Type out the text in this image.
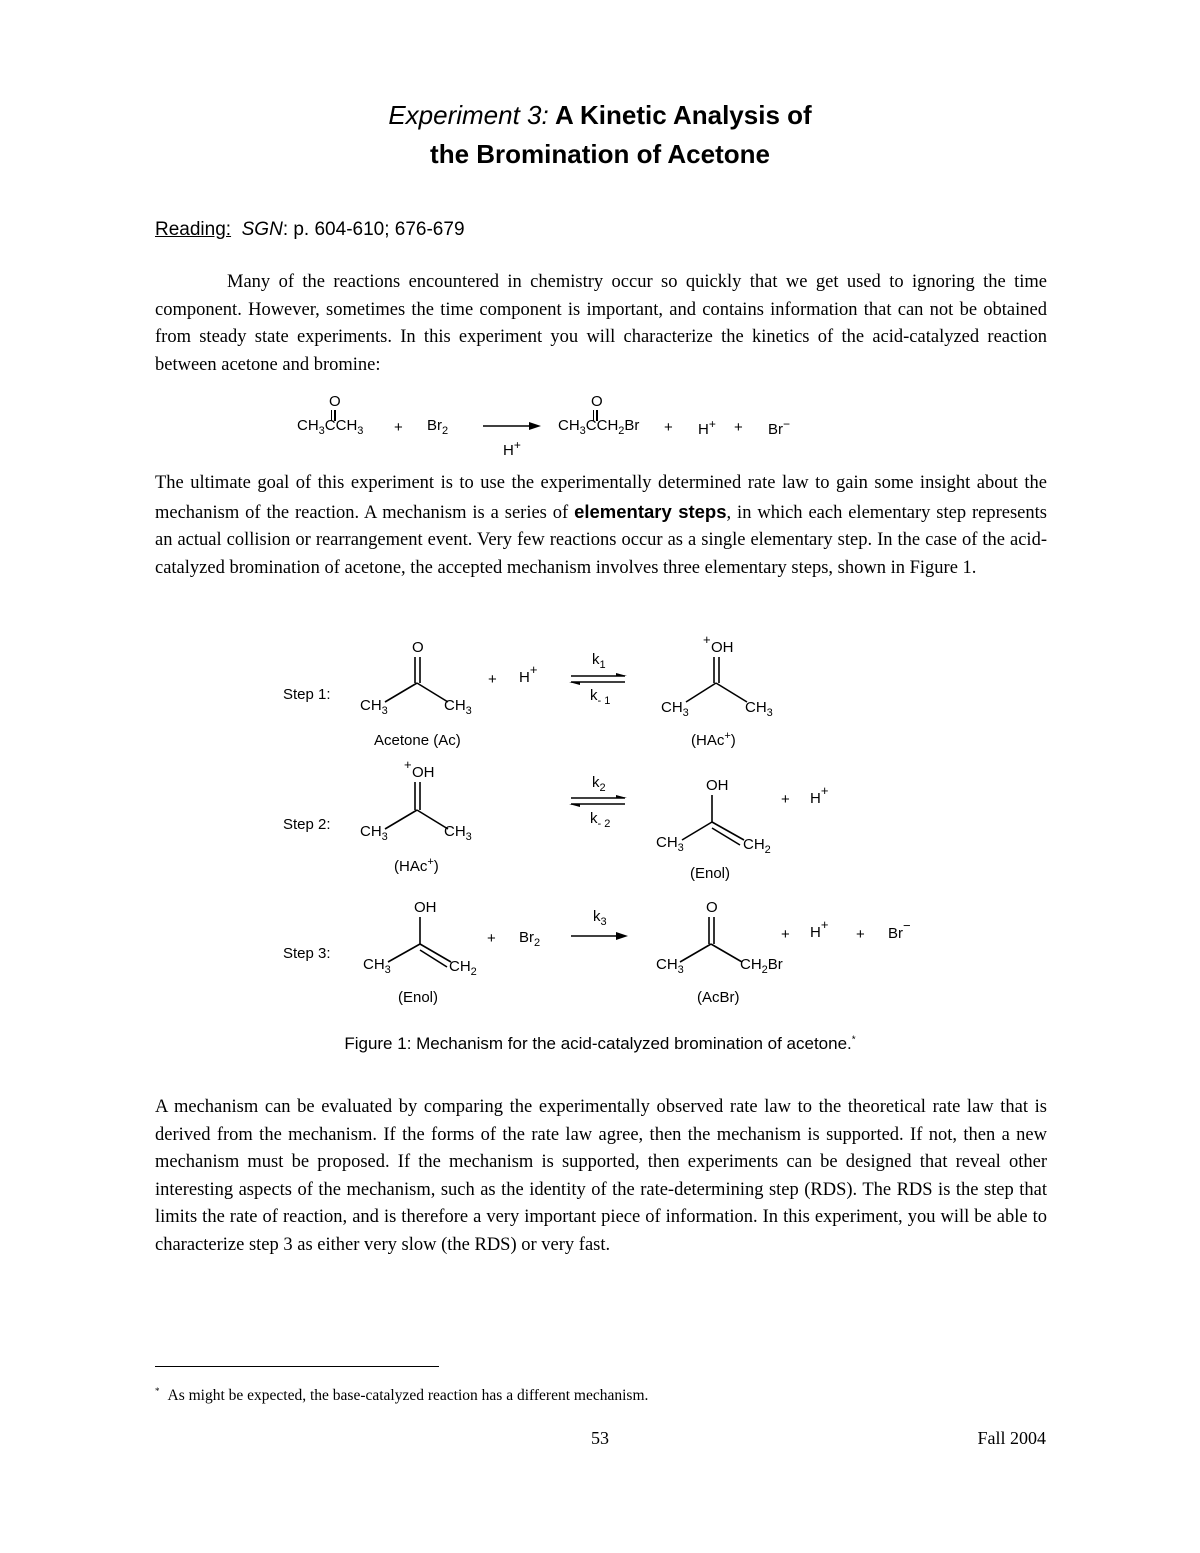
Experiment 3: A Kinetic Analysis of
the Bromination of Acetone
Reading: SGN: p. 604-610; 676-679

Many of the reactions encountered in chemistry occur so quickly that we get used to ignoring the time component. However, sometimes the time component is important, and contains information that can not be obtained from steady state experiments. In this experiment you will characterize the kinetics of the acid-catalyzed reaction between acetone and bromine:

$CH_3CCH_3$
O
+ $Br_2$
H+
$CH_3CCH_2Br$
O
+ H+ + Br−

The ultimate goal of this experiment is to use the experimentally determined rate law to gain some insight about the mechanism of the reaction. A mechanism is a series of elementary steps, in which each elementary step represents an actual collision or rearrangement event. Very few reactions occur as a single elementary step. In the case of the acid-catalyzed bromination of acetone, the accepted mechanism involves three elementary steps, shown in Figure 1.

Step 1:
O
$CH_3$	$CH_3$
Acetone (Ac)
+ H+
$k_1$
$k_{- 1}$
+ OH
$CH_3$	$CH_3$
(HAc+)
Step 2:
+ OH
$CH_3$	$CH_3$
(HAc+)
$k_2$
$k_{- 2}$
OH
$CH_3$	$CH_2$
(Enol)
+ H+
Step 3:
OH
$CH_3$	$CH_2$
(Enol)
+ $Br_2$
$k_3$
O
$CH_3$	$CH_2Br$
(AcBr)
+ H+
+ Br−
Figure 1: Mechanism for the acid-catalyzed bromination of acetone.*

A mechanism can be evaluated by comparing the experimentally observed rate law to the theoretical rate law that is derived from the mechanism. If the forms of the rate law agree, then the mechanism is supported. If not, then a new mechanism must be proposed. If the mechanism is supported, then experiments can be designed that reveal other interesting aspects of the mechanism, such as the identity of the rate-determining step (RDS). The RDS is the step that limits the rate of reaction, and is therefore a very important piece of information. In this experiment, you will be able to characterize step 3 as either very slow (the RDS) or very fast.

* As might be expected, the base-catalyzed reaction has a different mechanism.
53	Fall 2004
